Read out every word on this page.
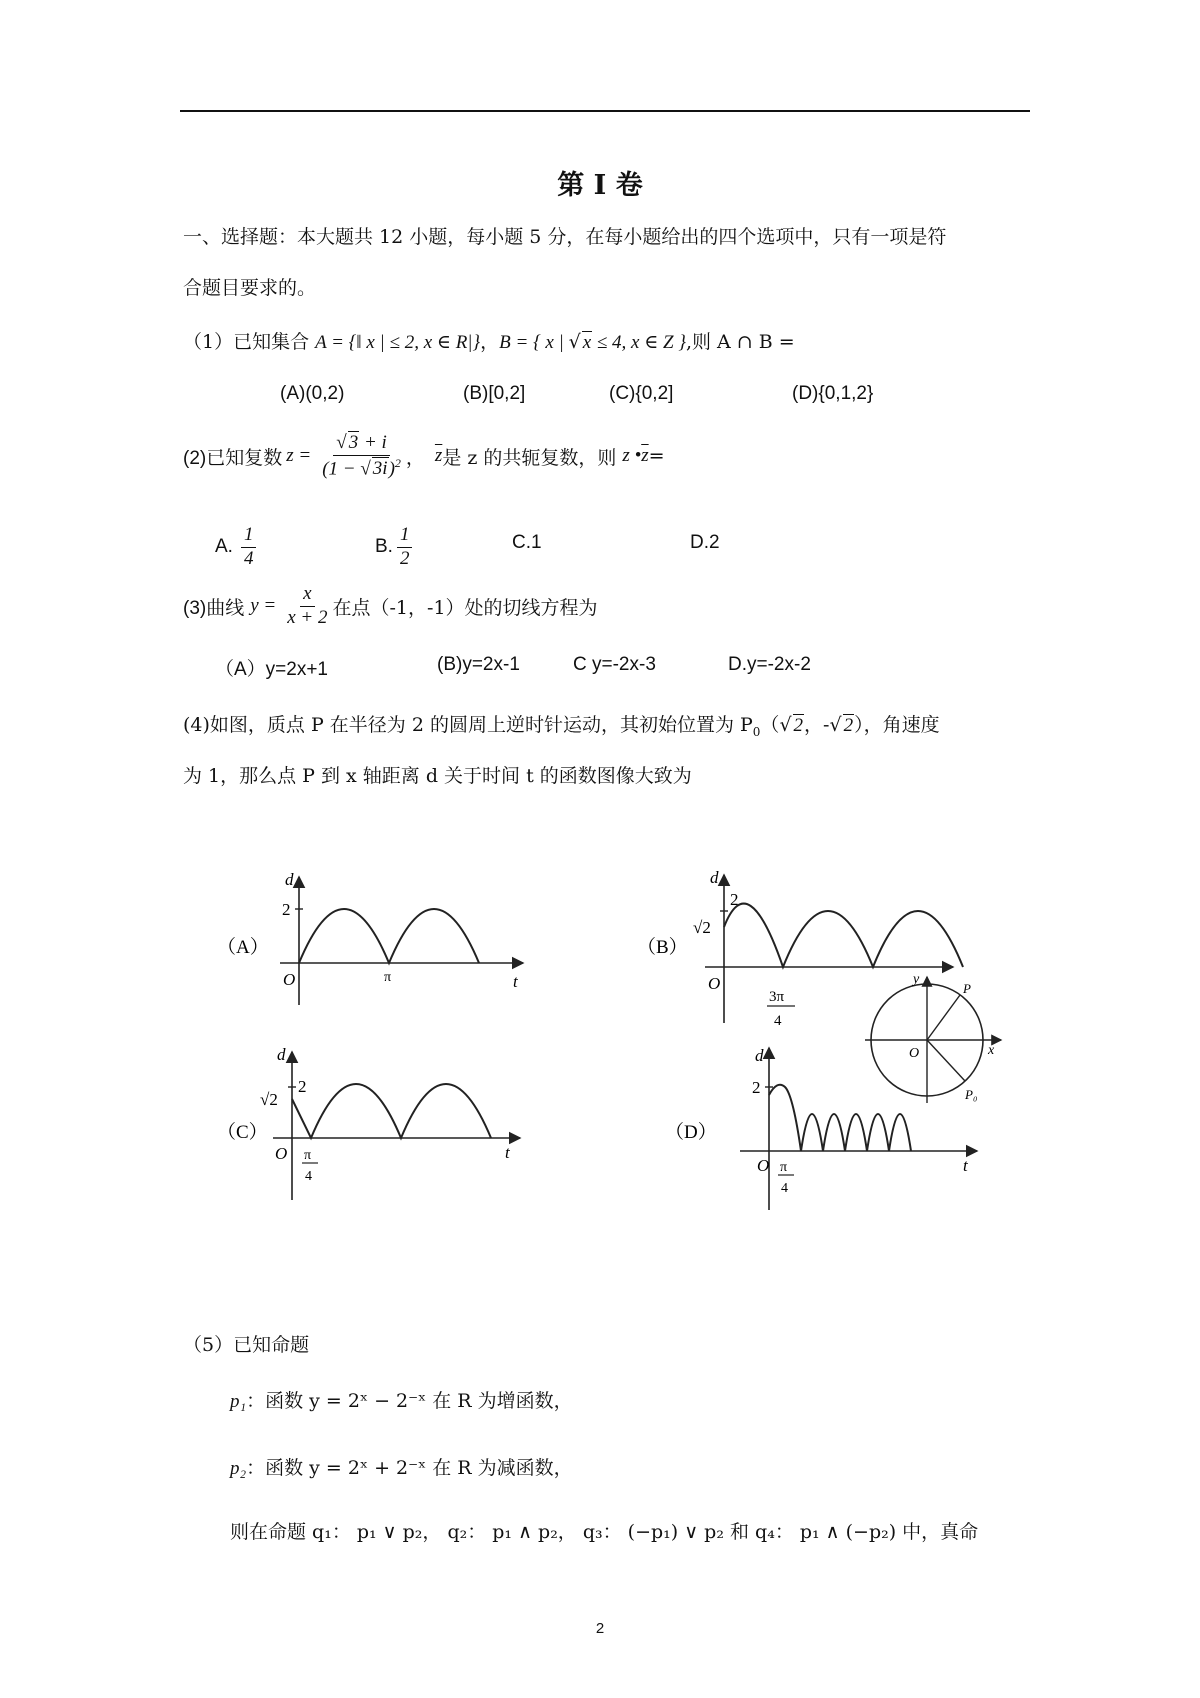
第 I 卷
一、选择题：本大题共 12 小题，每小题 5 分，在每小题给出的四个选项中，只有一项是符
合题目要求的。
（1）已知集合 A = {‖ x | ≤ 2, x ∈ R|}，B = { x | √ x ≤ 4, x ∈ Z },则 A ∩ B =
(A)(0,2)	(B)[0,2]	(C){0,2]	(D){0,1,2}
(2)已知复数 $z = \frac{√ 3 + i}{(1 - √ 3i)^2}$ ， $\overline{z}$ 是 z 的共轭复数，则 z • $\overline{z}$ =
A. $\frac{1}{4}$	B. $\frac{1}{2}$	C.1	D.2
(3)曲线 $y = \frac{x}{x + 2}$ 在点（-1，-1）处的切线方程为
（A）y=2x+1	(B)y=2x-1	C y=-2x-3	D.y=-2x-2
(4)如图，质点 P 在半径为 2 的圆周上逆时针运动，其初始位置为 $P_0(√$ 2，-√ 2），角速度
为 1，那么点 P 到 x 轴距离 d 关于时间 t 的函数图像大致为
（A）
d
2
O	π	t
（B）
d
2
√2
O
3π
4
y
x
O
P
P₀
（C）
d
2
√2
O π
4
t
（D）
d
2
O π
4
t
（5）已知命题
p₁：函数 y = 2ˣ − 2⁻ˣ 在 R 为增函数，
p₂：函数 y = 2ˣ + 2⁻ˣ 在 R 为减函数，
则在命题 q₁： p₁ ∨ p₂， q₂： p₁ ∧ p₂， q₃： (−p₁) ∨ p₂ 和 q₄： p₁ ∧ (−p₂) 中，真命
2
